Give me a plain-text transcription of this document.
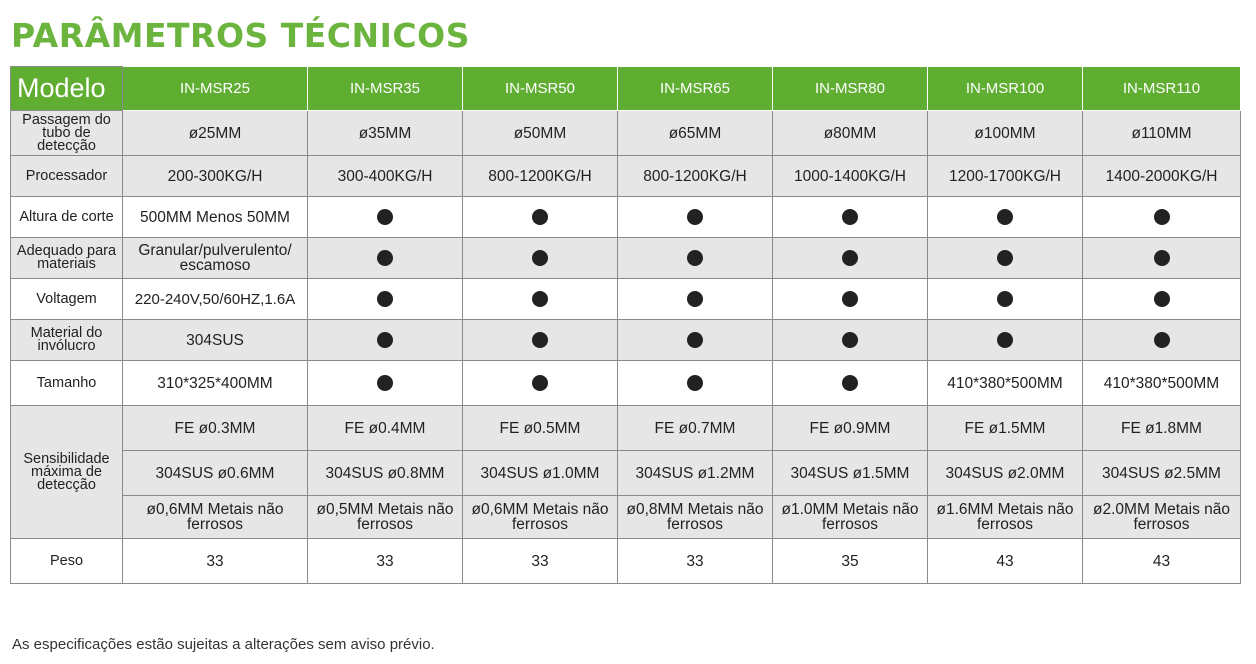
PARÂMETROS TÉCNICOS
Modelo	IN-MSR25	IN-MSR35	IN-MSR50	IN-MSR65	IN-MSR80	IN-MSR100	IN-MSR110
Passagem do tubo de detecção	ø25MM	ø35MM	ø50MM	ø65MM	ø80MM	ø100MM	ø110MM
Processador	200-300KG/H	300-400KG/H	800-1200KG/H	800-1200KG/H	1000-1400KG/H	1200-1700KG/H	1400-2000KG/H
Altura de corte	500MM Menos 50MM						
Adequado para materiais	Granular/pulverulento/ escamoso						
Voltagem	220-240V,50/60HZ,1.6A						
Material do invólucro	304SUS						
Tamanho	310*325*400MM					410*380*500MM	410*380*500MM
Sensibilidade máxima de detecção	FE ø0.3MM	FE ø0.4MM	FE ø0.5MM	FE ø0.7MM	FE ø0.9MM	FE ø1.5MM	FE ø1.8MM
	304SUS ø0.6MM	304SUS ø0.8MM	304SUS ø1.0MM	304SUS ø1.2MM	304SUS ø1.5MM	304SUS ø2.0MM	304SUS ø2.5MM
	ø0,6MM Metais não ferrosos	ø0,5MM Metais não ferrosos	ø0,6MM Metais não ferrosos	ø0,8MM Metais não ferrosos	ø1.0MM Metais não ferrosos	ø1.6MM Metais não ferrosos	ø2.0MM Metais não ferrosos
Peso	33	33	33	33	35	43	43

As especificações estão sujeitas a alterações sem aviso prévio.
